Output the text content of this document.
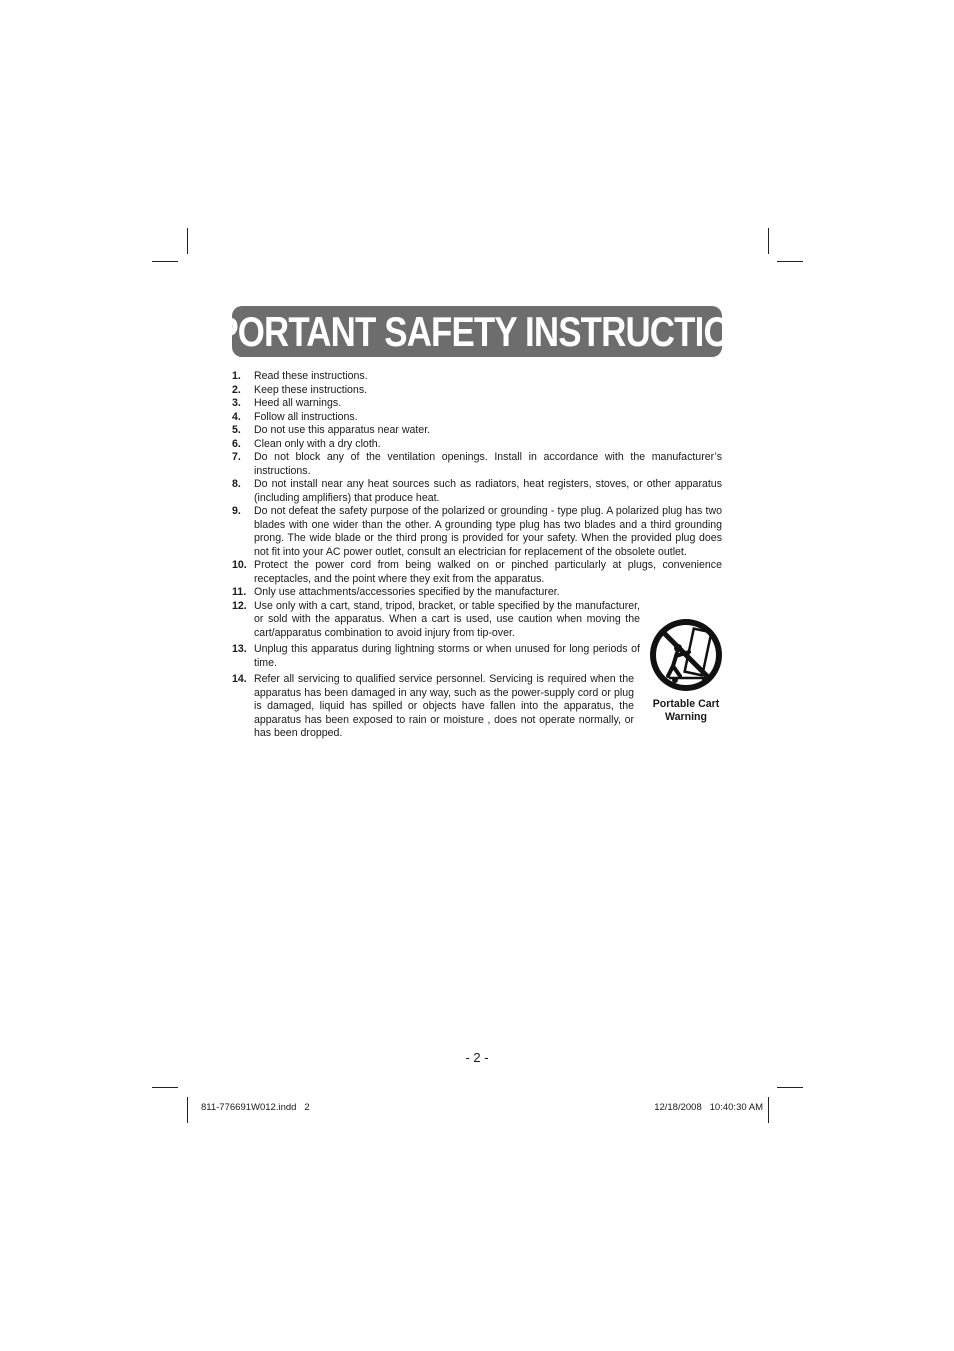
IMPORTANT SAFETY INSTRUCTIONS
1.	Read these instructions.
2.	Keep these instructions.
3.	Heed all warnings.
4.	Follow all instructions.
5.	Do not use this apparatus near water.
6.	Clean only with a dry cloth.
7.	Do not block any of the ventilation openings. Install in accordance with the manufacturer’s instructions.
8.	Do not install near any heat sources such as radiators, heat registers, stoves, or other apparatus (including amplifiers) that produce heat.
9.	Do not defeat the safety purpose of the polarized or grounding - type plug. A polarized plug has two blades with one wider than the other. A grounding type plug has two blades and a third grounding prong. The wide blade or the third prong is provided for your safety. When the provided plug does not fit into your AC power outlet, consult an electrician for replacement of the obsolete outlet.
10. Protect the power cord from being walked on or pinched particularly at plugs, convenience receptacles, and the point where they exit from the apparatus.
11. Only use attachments/accessories specified by the manufacturer.
12. Use only with a cart, stand, tripod, bracket, or table specified by the manufacturer, or sold with the apparatus. When a cart is used, use caution when moving the cart/apparatus combination to avoid injury from tip-over.
13. Unplug this apparatus during lightning storms or when unused for long periods of time.
14. Refer all servicing to qualified service personnel. Servicing is required when the apparatus has been damaged in any way, such as the power-supply cord or plug is damaged, liquid has spilled or objects have fallen into the apparatus, the apparatus has been exposed to rain or moisture , does not operate normally, or has been dropped.
Portable Cart
Warning
- 2 -
811-776691W012.indd   2	12/18/2008   10:40:30 AM
